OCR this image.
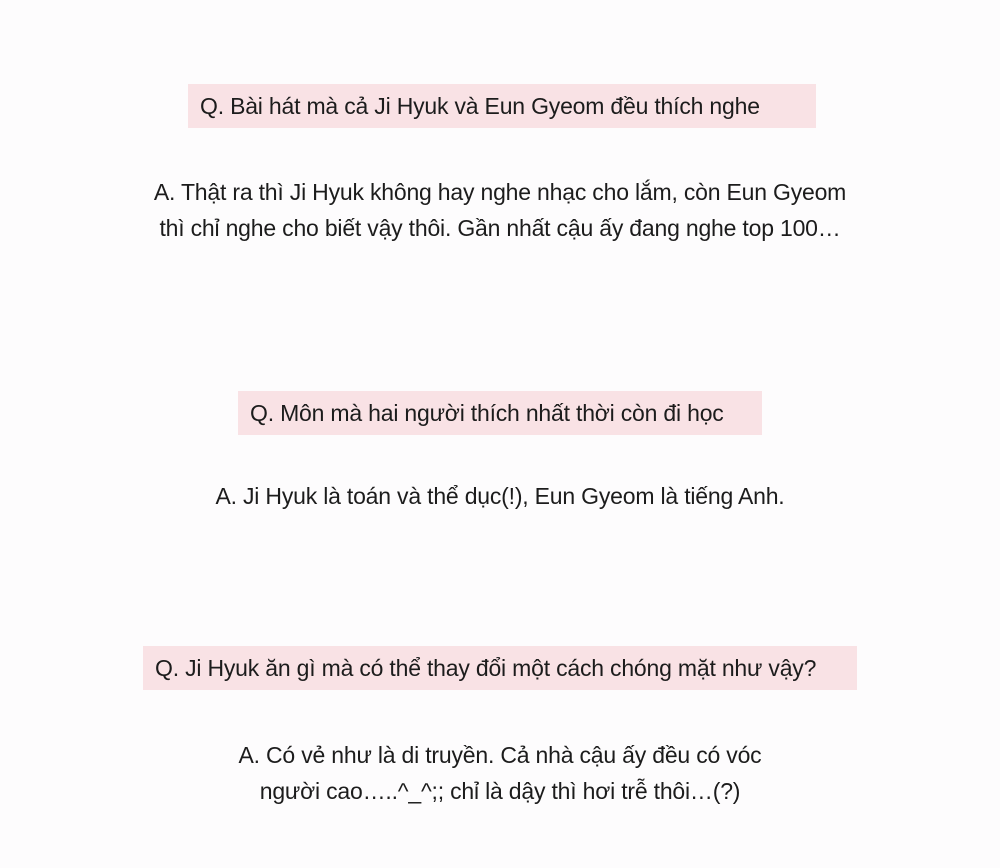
Q. Bài hát mà cả Ji Hyuk và Eun Gyeom đều thích nghe
A. Thật ra thì Ji Hyuk không hay nghe nhạc cho lắm, còn Eun Gyeom
thì chỉ nghe cho biết vậy thôi. Gần nhất cậu ấy đang nghe top 100…
Q. Môn mà hai người thích nhất thời còn đi học
A. Ji Hyuk là toán và thể dục(!), Eun Gyeom là tiếng Anh.
Q. Ji Hyuk ăn gì mà có thể thay đổi một cách chóng mặt như vậy?
A. Có vẻ như là di truyền. Cả nhà cậu ấy đều có vóc
người cao…..^_^;; chỉ là dậy thì hơi trễ thôi…(?)
